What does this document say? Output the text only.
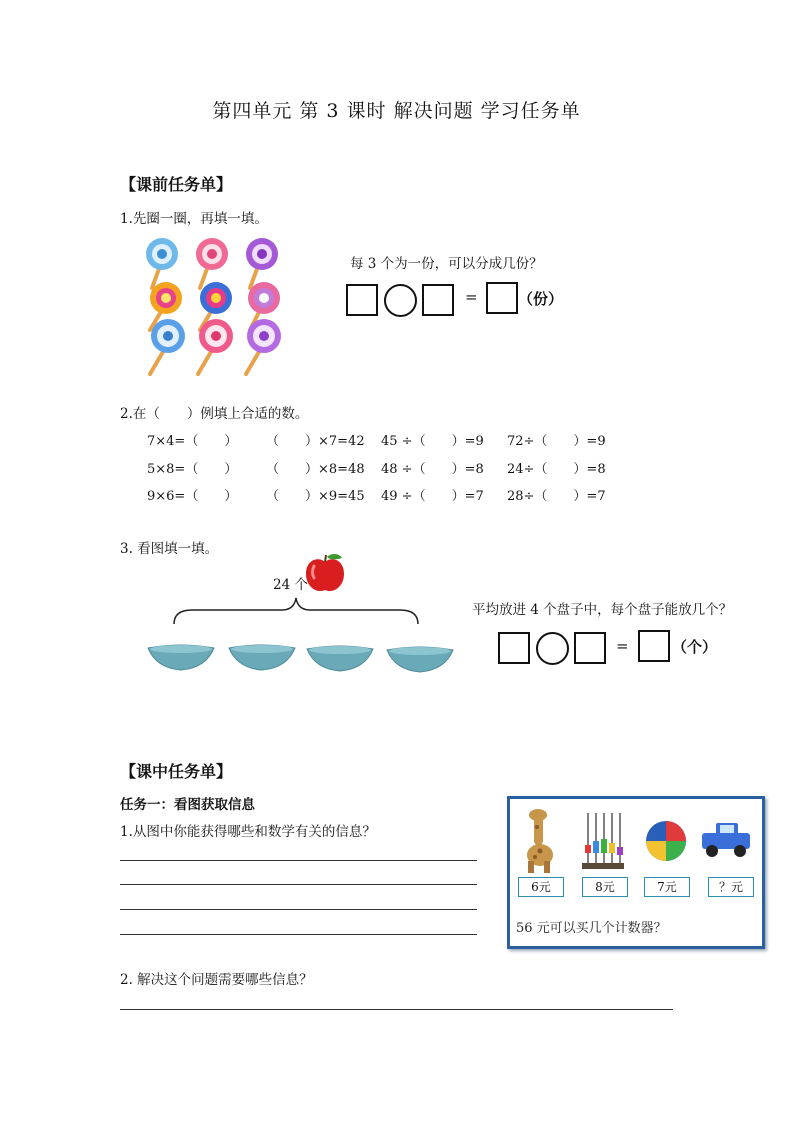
第四单元 第 3 课时 解决问题 学习任务单
【课前任务单】
1.先圈一圈，再填一填。
每 3 个为一份，可以分成几份？
=	（份）
2.在（　　）例填上合适的数。
7×4=（　　） （　　）×7=42 45 ÷（　　）=9 72÷（　　）=9
5×8=（　　） （　　）×8=48 48 ÷（　　）=8 24÷（　　）=8
9×6=（　　） （　　）×9=45 49 ÷（　　）=7 28÷（　　）=7
3. 看图填一填。
24 个
平均放进 4 个盘子中，每个盘子能放几个？
=	（个）
【课中任务单】
任务一：看图获取信息
1.从图中你能获得哪些和数学有关的信息？
6元	8元	7元	？元
56 元可以买几个计数器？
2. 解决这个问题需要哪些信息？
